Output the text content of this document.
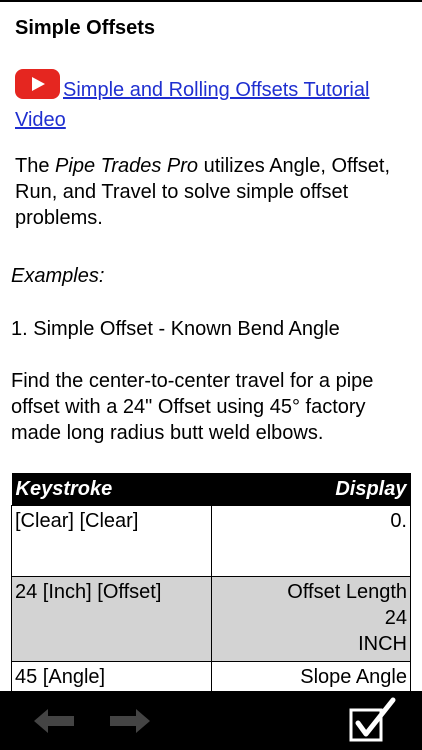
Simple Offsets
Simple and Rolling Offsets Tutorial Video
The Pipe Trades Pro utilizes Angle, Offset, Run, and Travel to solve simple offset problems.
Examples:
1. Simple Offset - Known Bend Angle
Find the center-to-center travel for a pipe offset with a 24" Offset using 45° factory made long radius butt weld elbows.
Keystroke	Display
[Clear] [Clear]	0.

24 [Inch] [Offset]	Offset Length
24
INCH

45 [Angle]	Slope Angle
